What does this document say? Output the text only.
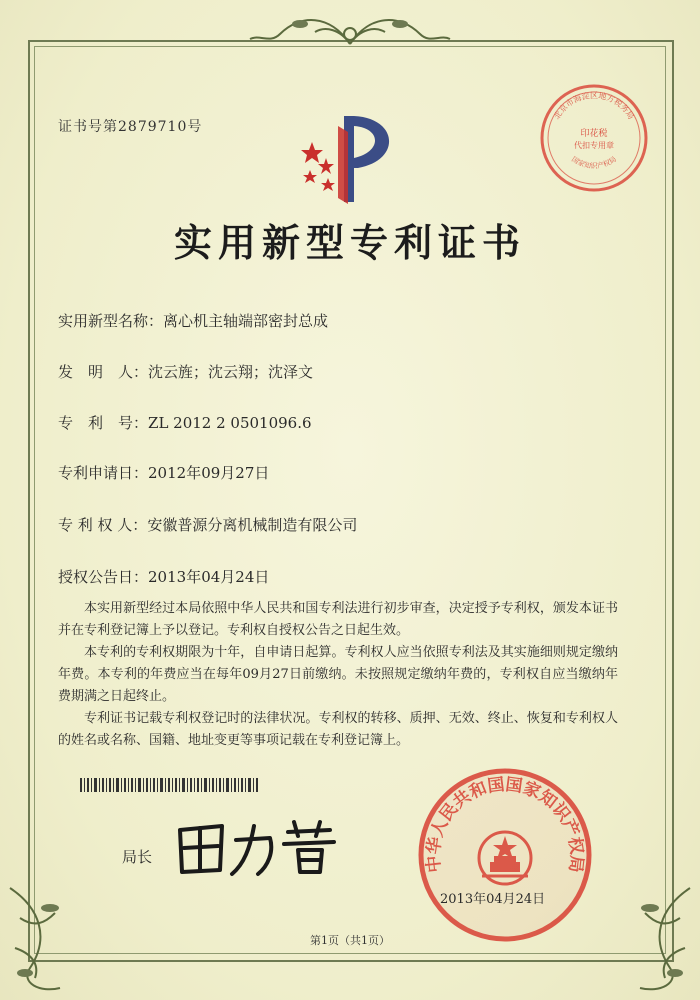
证书号第2879710号
实用新型专利证书
实用新型名称：离心机主轴端部密封总成
发　明　人：沈云旌；沈云翔；沈泽文
专　利　号：ZL 2012 2 0501096.6
专利申请日：2012年09月27日
专 利 权 人：安徽普源分离机械制造有限公司
授权公告日：2013年04月24日

本实用新型经过本局依照中华人民共和国专利法进行初步审查，决定授予专利权，颁发本证书并在专利登记簿上予以登记。专利权自授权公告之日起生效。

本专利的专利权期限为十年，自申请日起算。专利权人应当依照专利法及其实施细则规定缴纳年费。本专利的年费应当在每年09月27日前缴纳。未按照规定缴纳年费的，专利权自应当缴纳年费期满之日起终止。

专利证书记载专利权登记时的法律状况。专利权的转移、质押、无效、终止、恢复和专利权人的姓名或名称、国籍、地址变更等事项记载在专利登记簿上。

局长
北京市海淀区地方税务局
印花税
代扣专用章
国家知识产权局
中华人民共和国国家知识产权局
2013年04月24日
第1页（共1页）
